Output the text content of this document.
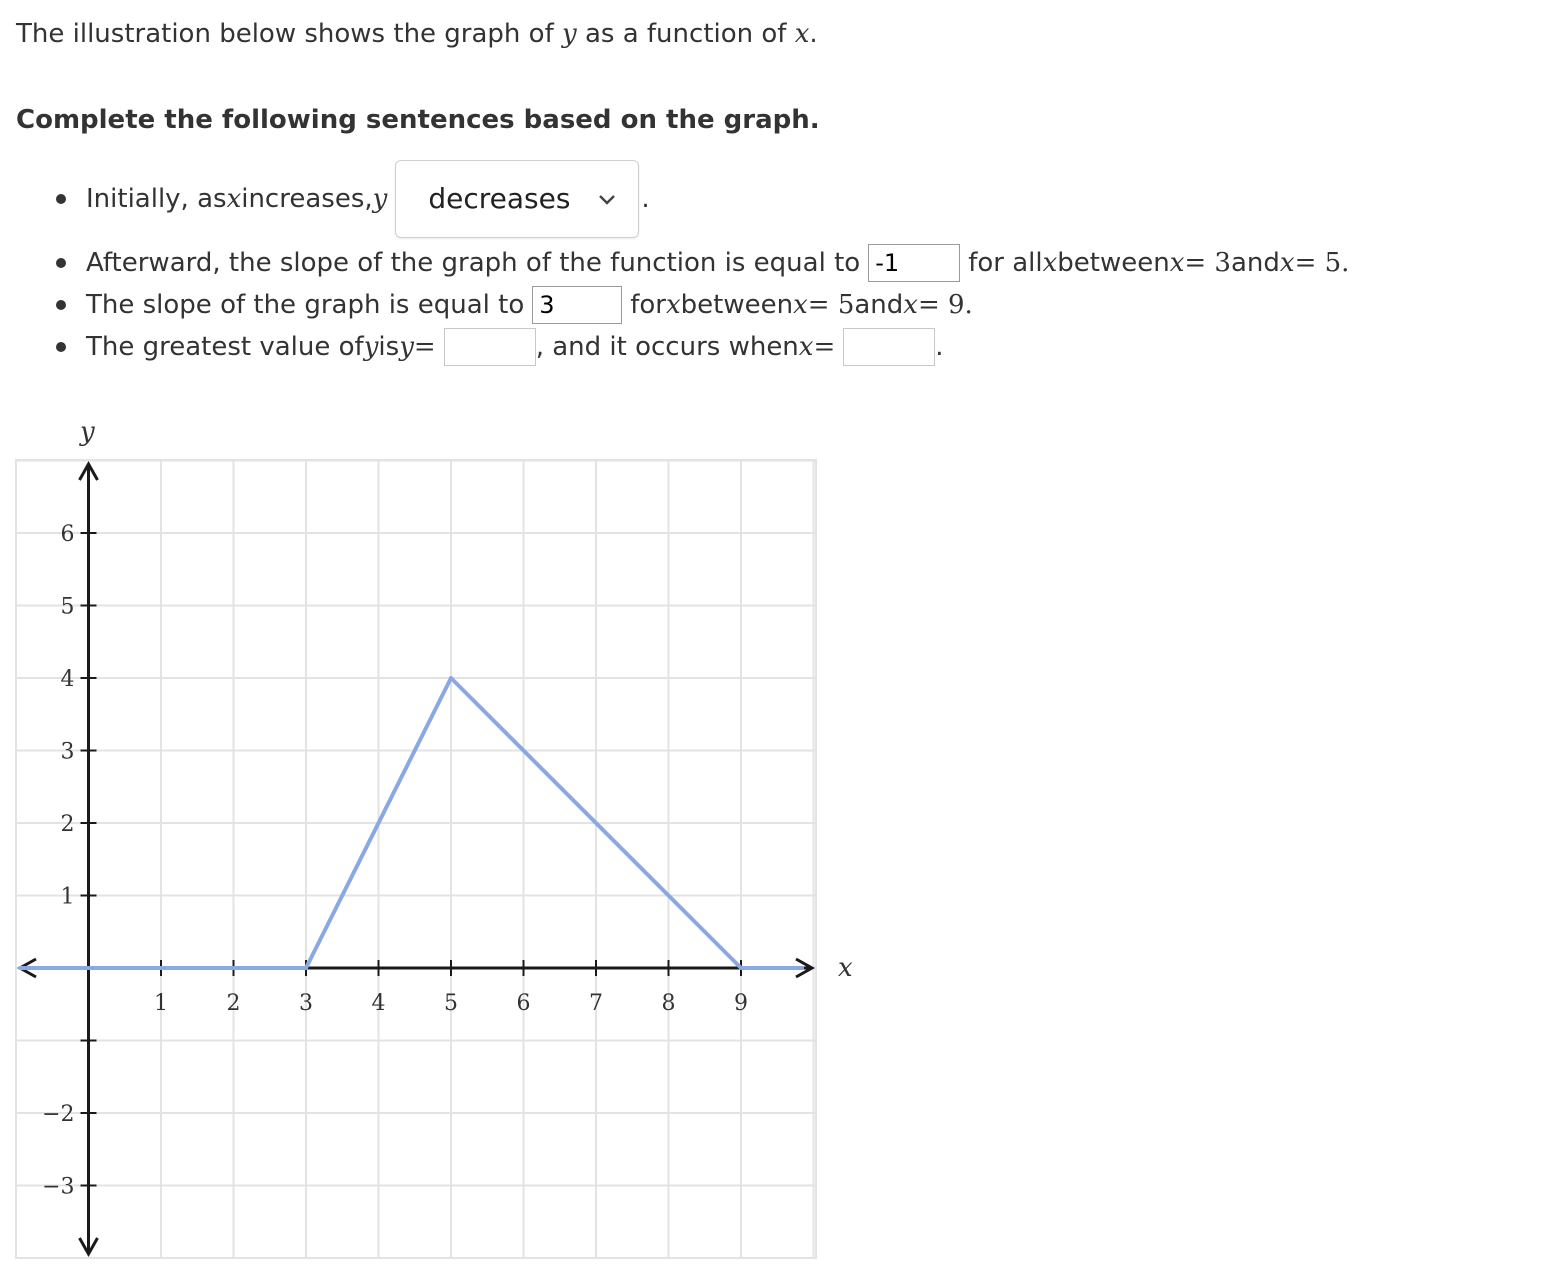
The illustration below shows the graph of y as a function of x.
Complete the following sentences based on the graph.
Initially, as x increases, y decreases	.
Afterward, the slope of the graph of the function is equal to
-1	for all x between x = 3 and x = 5.
The slope of the graph is equal to
3	for x between x = 5 and x = 9.
The greatest value of y is y =	, and it occurs when x =	.
1	2	3	4	5	6	7	8	9
−3
−2
1
2
3
4
5
6
x
y
